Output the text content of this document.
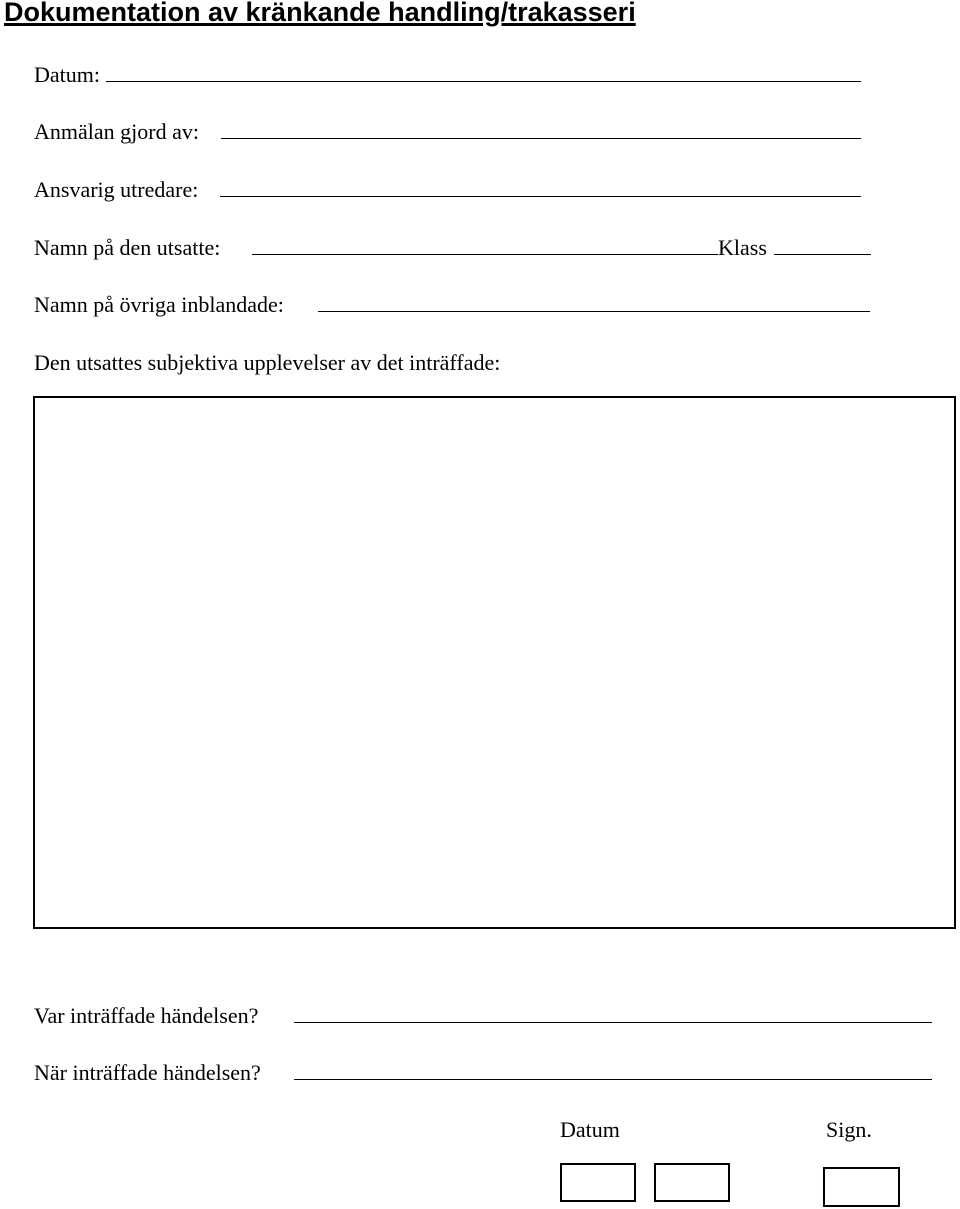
Dokumentation av kränkande handling/trakasseri
Datum:
Anmälan gjord av:
Ansvarig utredare:
Namn på den utsatte:	Klass
Namn på övriga inblandade:
Den utsattes subjektiva upplevelser av det inträffade:
Var inträffade händelsen?
När inträffade händelsen?
Datum	Sign.
